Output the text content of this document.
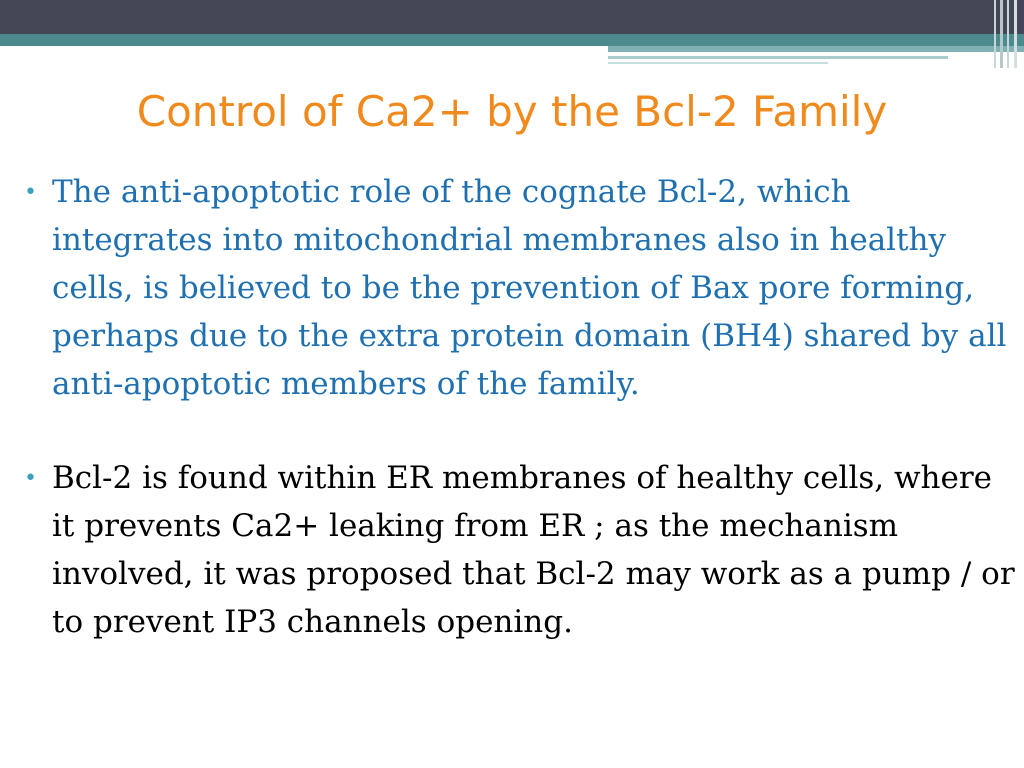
Control of Ca2+ by the Bcl-2 Family
• The anti-apoptotic role of the cognate Bcl-2, which integrates into mitochondrial membranes also in healthy cells, is believed to be the prevention of Bax pore forming, perhaps due to the extra protein domain (BH4) shared by all anti-apoptotic members of the family.
• Bcl-2 is found within ER membranes of healthy cells, where it prevents Ca2+ leaking from ER ; as the mechanism involved, it was proposed that Bcl-2 may work as a pump / or to prevent IP3 channels opening.
